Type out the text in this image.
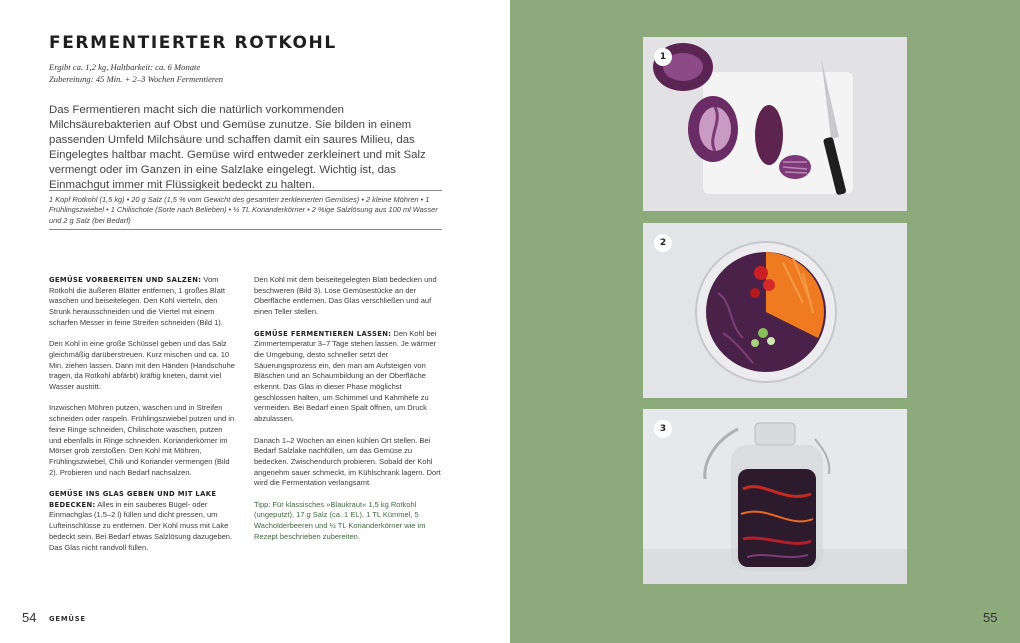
FERMENTIERTER ROTKOHL
Ergibt ca. 1,2 kg, Haltbarkeit: ca. 6 Monate
Zubereitung: 45 Min. + 2–3 Wochen Fermentieren
Das Fermentieren macht sich die natürlich vorkommenden Milchsäurebakterien auf Obst und Gemüse zunutze. Sie bilden in einem passenden Umfeld Milchsäure und schaffen damit ein saures Milieu, das Eingelegtes haltbar macht. Gemüse wird entweder zerkleinert und mit Salz vermengt oder im Ganzen in eine Salzlake eingelegt. Wichtig ist, das Einmachgut immer mit Flüssigkeit bedeckt zu halten.
1 Kopf Rotkohl (1,5 kg) • 20 g Salz (1,5 % vom Gewicht des gesamten zerkleinerten Gemüses) • 2 kleine Möhren • 1 Frühlingszwiebel • 1 Chilischote (Sorte nach Belieben) • ½ TL Korianderkörner • 2 %ige Salzlösung aus 100 ml Wasser und 2 g Salz (bei Bedarf)

GEMÜSE VORBEREITEN UND SALZEN: Vom Rotkohl die äußeren Blätter entfernen, 1 großes Blatt waschen und beiseitelegen. Den Kohl vierteln, den Strunk herausschneiden und die Viertel mit einem scharfen Messer in feine Streifen schneiden (Bild 1).

Den Kohl in eine große Schüssel geben und das Salz gleichmäßig darüberstreuen. Kurz mischen und ca. 10 Min. ziehen lassen. Dann mit den Händen (Handschuhe tragen, da Rotkohl abfärbt) kräftig kneten, damit viel Wasser austritt.

Inzwischen Möhren putzen, waschen und in Streifen schneiden oder raspeln. Frühlingszwiebel putzen und in feine Ringe schneiden, Chilischote waschen, putzen und ebenfalls in Ringe schneiden. Korianderkörner im Mörser grob zerstoßen. Den Kohl mit Möhren, Frühlingszwiebel, Chili und Koriander vermengen (Bild 2). Probieren und nach Bedarf nachsalzen.

GEMÜSE INS GLAS GEBEN UND MIT LAKE BEDECKEN: Alles in ein sauberes Bügel- oder Einmachglas (1,5–2 l) füllen und dicht pressen, um Lufteinschlüsse zu entfernen. Der Kohl muss mit Lake bedeckt sein. Bei Bedarf etwas Salzlösung dazugeben. Das Glas nicht randvoll füllen.

Den Kohl mit dem beiseitegelegten Blatt bedecken und beschweren (Bild 3). Lose Gemüsestücke an der Oberfläche entfernen. Das Glas verschließen und auf einen Teller stellen.

GEMÜSE FERMENTIEREN LASSEN: Den Kohl bei Zimmertemperatur 3–7 Tage stehen lassen. Je wärmer die Umgebung, desto schneller setzt der Säuerungsprozess ein, den man am Aufsteigen von Bläschen und an Schaumbildung an der Oberfläche erkennt. Das Glas in dieser Phase möglichst geschlossen halten, um Schimmel und Kahmhefe zu vermeiden. Bei Bedarf einen Spalt öffnen, um Druck abzulassen.

Danach 1–2 Wochen an einen kühlen Ort stellen. Bei Bedarf Salzlake nachfüllen, um das Gemüse zu bedecken. Zwischendurch probieren. Sobald der Kohl angenehm sauer schmeckt, im Kühlschrank lagern. Dort wird die Fermentation verlangsamt.

Tipp: Für klassisches »Blaukraut« 1,5 kg Rotkohl (ungeputzt), 17 g Salz (ca. 1 EL), 1 TL Kümmel, 5 Wacholderbeeren und ½ TL Korianderkörner wie im Rezept beschrieben zubereiten.

54 GEMÜSE	55
1
2
3
